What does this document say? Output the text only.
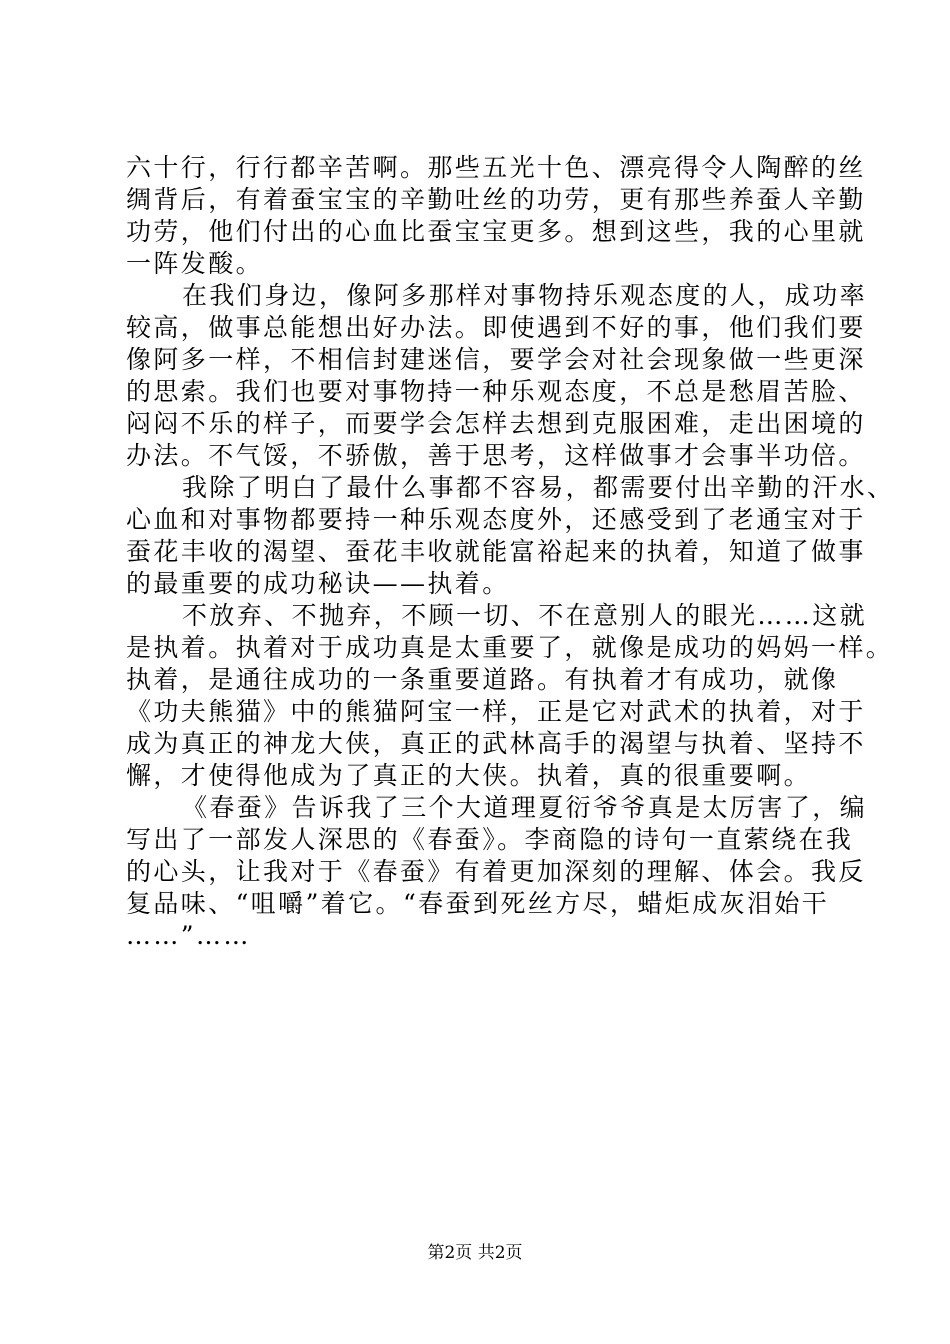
六十行，行行都辛苦啊。那些五光十色、漂亮得令人陶醉的丝
绸背后，有着蚕宝宝的辛勤吐丝的功劳，更有那些养蚕人辛勤
功劳，他们付出的心血比蚕宝宝更多。想到这些，我的心里就
一阵发酸。
在我们身边，像阿多那样对事物持乐观态度的人，成功率
较高，做事总能想出好办法。即使遇到不好的事，他们我们要
像阿多一样，不相信封建迷信，要学会对社会现象做一些更深
的思索。我们也要对事物持一种乐观态度，不总是愁眉苦脸、
闷闷不乐的样子，而要学会怎样去想到克服困难，走出困境的
办法。不气馁，不骄傲，善于思考，这样做事才会事半功倍。
我除了明白了最什么事都不容易，都需要付出辛勤的汗水、
心血和对事物都要持一种乐观态度外，还感受到了老通宝对于
蚕花丰收的渴望、蚕花丰收就能富裕起来的执着，知道了做事
的最重要的成功秘诀——执着。
不放弃、不抛弃，不顾一切、不在意别人的眼光……这就
是执着。执着对于成功真是太重要了，就像是成功的妈妈一样。
执着，是通往成功的一条重要道路。有执着才有成功，就像
《功夫熊猫》中的熊猫阿宝一样，正是它对武术的执着，对于
成为真正的神龙大侠，真正的武林高手的渴望与执着、坚持不
懈，才使得他成为了真正的大侠。执着，真的很重要啊。
《春蚕》告诉我了三个大道理夏衍爷爷真是太厉害了，编
写出了一部发人深思的《春蚕》。李商隐的诗句一直萦绕在我
的心头，让我对于《春蚕》有着更加深刻的理解、体会。我反
复品味、“咀嚼”着它。“春蚕到死丝方尽，蜡炬成灰泪始干
……”……
第2页 共2页
